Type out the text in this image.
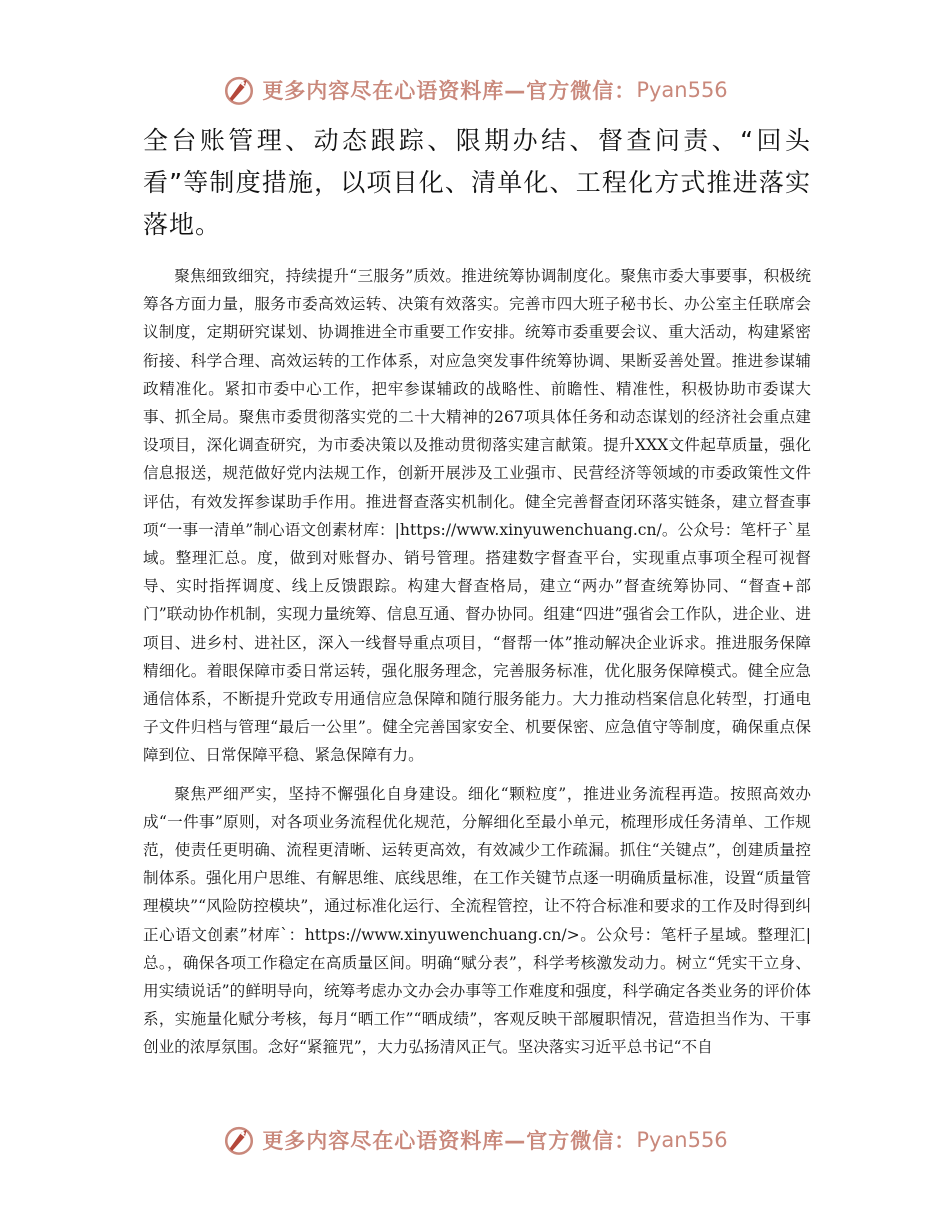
更多内容尽在心语资料库—官方微信： Pyan556

全台账管理、动态跟踪、限期办结、督查问责、“回头看”等制度措施，以项目化、清单化、工程化方式推进落实落地。

聚焦细致细究，持续提升“三服务”质效。推进统筹协调制度化。聚焦市委大事要事，积极统筹各方面力量，服务市委高效运转、决策有效落实。完善市四大班子秘书长、办公室主任联席会议制度，定期研究谋划、协调推进全市重要工作安排。统筹市委重要会议、重大活动，构建紧密衔接、科学合理、高效运转的工作体系，对应急突发事件统筹协调、果断妥善处置。推进参谋辅政精准化。紧扣市委中心工作，把牢参谋辅政的战略性、前瞻性、精准性，积极协助市委谋大事、抓全局。聚焦市委贯彻落实党的二十大精神的267项具体任务和动态谋划的经济社会重点建设项目，深化调查研究，为市委决策以及推动贯彻落实建言献策。提升XXX文件起草质量，强化信息报送，规范做好党内法规工作，创新开展涉及工业强市、民营经济等领域的市委政策性文件评估，有效发挥参谋助手作用。推进督查落实机制化。健全完善督查闭环落实链条，建立督查事项“一事一清单”制心语文创素材库：|https://www.xinyuwenchuang.cn/。公众号：笔杆子`星域。整理汇总。度，做到对账督办、销号管理。搭建数字督查平台，实现重点事项全程可视督导、实时指挥调度、线上反馈跟踪。构建大督查格局，建立“两办”督查统筹协同、“督查+部门”联动协作机制，实现力量统筹、信息互通、督办协同。组建“四进”强省会工作队，进企业、进项目、进乡村、进社区，深入一线督导重点项目，“督帮一体”推动解决企业诉求。推进服务保障精细化。着眼保障市委日常运转，强化服务理念，完善服务标准，优化服务保障模式。健全应急通信体系，不断提升党政专用通信应急保障和随行服务能力。大力推动档案信息化转型，打通电子文件归档与管理“最后一公里”。健全完善国家安全、机要保密、应急值守等制度，确保重点保障到位、日常保障平稳、紧急保障有力。

聚焦严细严实，坚持不懈强化自身建设。细化“颗粒度”，推进业务流程再造。按照高效办成“一件事”原则，对各项业务流程优化规范，分解细化至最小单元，梳理形成任务清单、工作规范，使责任更明确、流程更清晰、运转更高效，有效减少工作疏漏。抓住“关键点”，创建质量控制体系。强化用户思维、有解思维、底线思维，在工作关键节点逐一明确质量标准，设置“质量管理模块”“风险防控模块”，通过标准化运行、全流程管控，让不符合标准和要求的工作及时得到纠正心语文创素”材库`：https://www.xinyuwenchuang.cn/>。公众号：笔杆子星域。整理汇|总。，确保各项工作稳定在高质量区间。明确“赋分表”，科学考核激发动力。树立“凭实干立身、用实绩说话”的鲜明导向，统筹考虑办文办会办事等工作难度和强度，科学确定各类业务的评价体系，实施量化赋分考核，每月“晒工作”“晒成绩”，客观反映干部履职情况，营造担当作为、干事创业的浓厚氛围。念好“紧箍咒”，大力弘扬清风正气。坚决落实习近平总书记“不自

更多内容尽在心语资料库—官方微信： Pyan556
